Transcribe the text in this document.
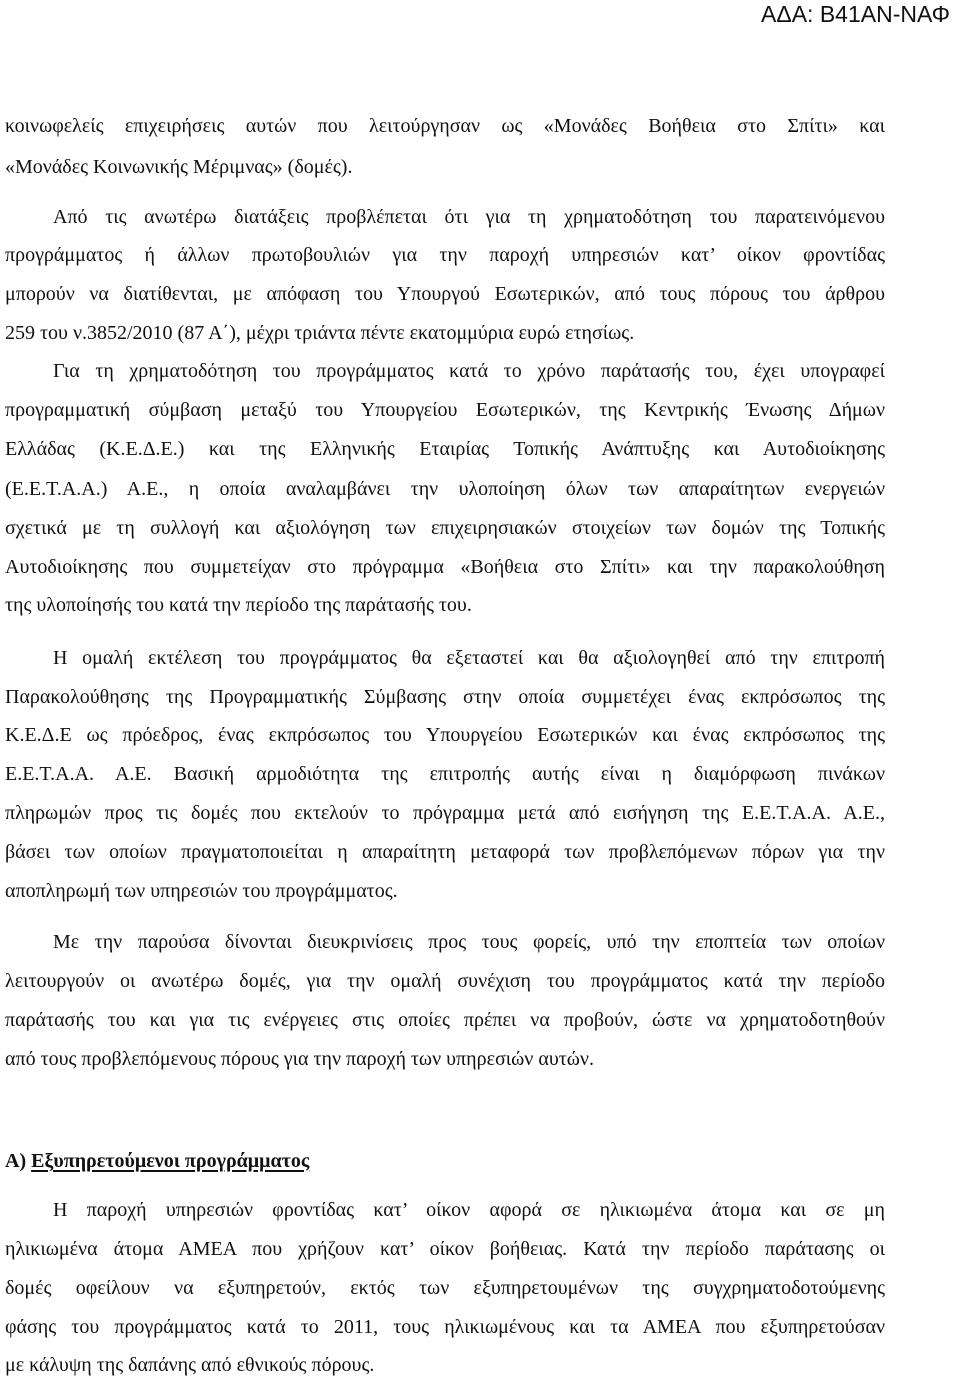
ΑΔΑ: Β41ΑΝ-ΝΑΦ
κοινωφελείς επιχειρήσεις αυτών που λειτούργησαν ως «Μονάδες Βοήθεια στο Σπίτι» και
«Μονάδες Κοινωνικής Μέριμνας» (δομές).
Από τις ανωτέρω διατάξεις προβλέπεται ότι για τη χρηματοδότηση του παρατεινόμενου
προγράμματος ή άλλων πρωτοβουλιών για την παροχή υπηρεσιών κατ’ οίκον φροντίδας
μπορούν να διατίθενται, με απόφαση του Υπουργού Εσωτερικών, από τους πόρους του άρθρου
259 του ν.3852/2010 (87 Α΄), μέχρι τριάντα πέντε εκατομμύρια ευρώ ετησίως.
Για τη χρηματοδότηση του προγράμματος κατά το χρόνο παράτασής του, έχει υπογραφεί
προγραμματική σύμβαση μεταξύ του Υπουργείου Εσωτερικών, της Κεντρικής Ένωσης Δήμων
Ελλάδας (Κ.Ε.Δ.Ε.) και της Ελληνικής Εταιρίας Τοπικής Ανάπτυξης και Αυτοδιοίκησης
(Ε.Ε.Τ.Α.Α.) Α.Ε., η οποία αναλαμβάνει την υλοποίηση όλων των απαραίτητων ενεργειών
σχετικά με τη συλλογή και αξιολόγηση των επιχειρησιακών στοιχείων των δομών της Τοπικής
Αυτοδιοίκησης που συμμετείχαν στο πρόγραμμα «Βοήθεια στο Σπίτι» και την παρακολούθηση
της υλοποίησής του κατά την περίοδο της παράτασής του.
Η ομαλή εκτέλεση του προγράμματος θα εξεταστεί και θα αξιολογηθεί από την επιτροπή
Παρακολούθησης της Προγραμματικής Σύμβασης στην οποία συμμετέχει ένας εκπρόσωπος της
Κ.Ε.Δ.Ε ως πρόεδρος, ένας εκπρόσωπος του Υπουργείου Εσωτερικών και ένας εκπρόσωπος της
Ε.Ε.Τ.Α.Α. Α.Ε. Βασική αρμοδιότητα της επιτροπής αυτής είναι η διαμόρφωση πινάκων
πληρωμών προς τις δομές που εκτελούν το πρόγραμμα μετά από εισήγηση της Ε.Ε.Τ.Α.Α. Α.Ε.,
βάσει των οποίων πραγματοποιείται η απαραίτητη μεταφορά των προβλεπόμενων πόρων για την
αποπληρωμή των υπηρεσιών του προγράμματος.
Με την παρούσα δίνονται διευκρινίσεις προς τους φορείς, υπό την εποπτεία των οποίων
λειτουργούν οι ανωτέρω δομές, για την ομαλή συνέχιση του προγράμματος κατά την περίοδο
παράτασής του και για τις ενέργειες στις οποίες πρέπει να προβούν, ώστε να χρηματοδοτηθούν
από τους προβλεπόμενους πόρους για την παροχή των υπηρεσιών αυτών.
Α) Εξυπηρετούμενοι προγράμματος
Η παροχή υπηρεσιών φροντίδας κατ’ οίκον αφορά σε ηλικιωμένα άτομα και σε μη
ηλικιωμένα άτομα ΑΜΕΑ που χρήζουν κατ’ οίκον βοήθειας. Κατά την περίοδο παράτασης οι
δομές οφείλουν να εξυπηρετούν, εκτός των εξυπηρετουμένων της συγχρηματοδοτούμενης
φάσης του προγράμματος κατά το 2011, τους ηλικιωμένους και τα ΑΜΕΑ που εξυπηρετούσαν
με κάλυψη της δαπάνης από εθνικούς πόρους.
